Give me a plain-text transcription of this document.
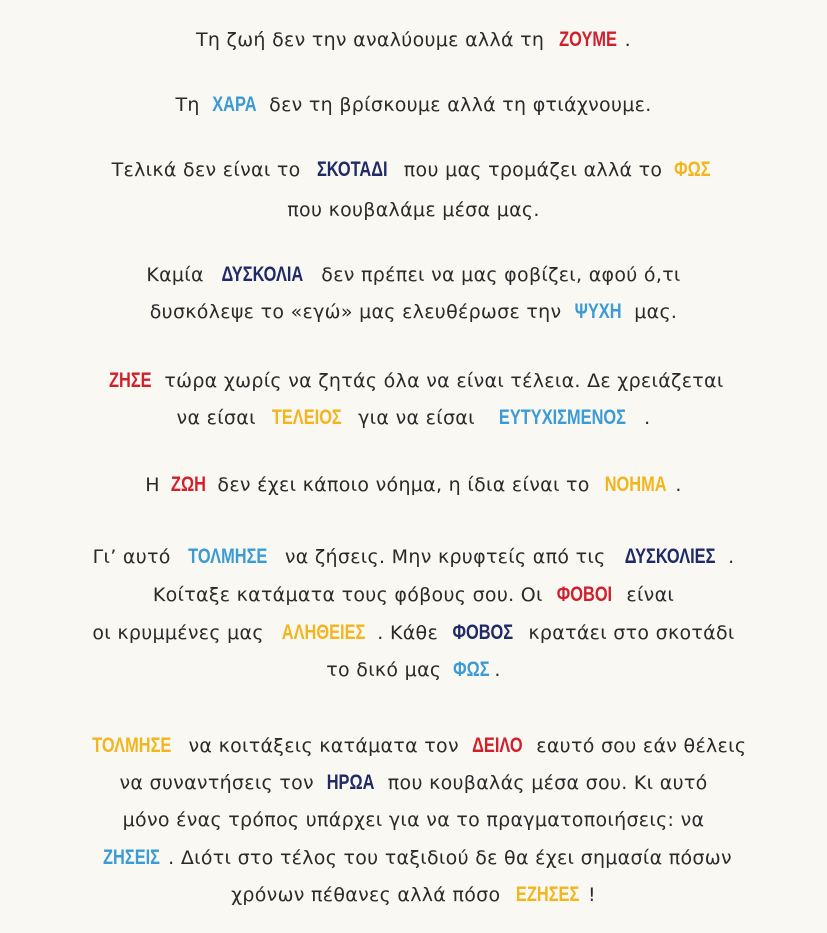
Τη ζωή δεν την αναλύουμε αλλά τη ΖΟΥΜΕ .
Τη ΧΑΡΑ δεν τη βρίσκουμε αλλά τη φτιάχνουμε.
Τελικά δεν είναι το ΣΚΟΤΑΔΙ που μας τρομάζει αλλά το ΦΩΣ
που κουβαλάμε μέσα μας.
Καμία ΔΥΣΚΟΛΙΑ δεν πρέπει να μας φοβίζει, αφού ό,τι
δυσκόλεψε το «εγώ» μας ελευθέρωσε την ΨΥΧΗ μας.
ΖΗΣΕ τώρα χωρίς να ζητάς όλα να είναι τέλεια. Δε χρειάζεται
να είσαι ΤΕΛΕΙΟΣ για να είσαι ΕΥΤΥΧΙΣΜΕΝΟΣ .
Η ΖΩΗ δεν έχει κάποιο νόημα, η ίδια είναι το ΝΟΗΜΑ .
Γι’ αυτό ΤΟΛΜΗΣΕ να ζήσεις. Μην κρυφτείς από τις ΔΥΣΚΟΛΙΕΣ .
Κοίταξε κατάματα τους φόβους σου. Οι ΦΟΒΟΙ είναι
οι κρυμμένες μας ΑΛΗΘΕΙΕΣ . Κάθε ΦΟΒΟΣ κρατάει στο σκοτάδι
το δικό μας ΦΩΣ .
ΤΟΛΜΗΣΕ να κοιτάξεις κατάματα τον ΔΕΙΛΟ εαυτό σου εάν θέλεις
να συναντήσεις τον ΗΡΩΑ που κουβαλάς μέσα σου. Κι αυτό
μόνο ένας τρόπος υπάρχει για να το πραγματοποιήσεις: να
ΖΗΣΕΙΣ . Διότι στο τέλος του ταξιδιού δε θα έχει σημασία πόσων
χρόνων πέθανες αλλά πόσο ΕΖΗΣΕΣ !
